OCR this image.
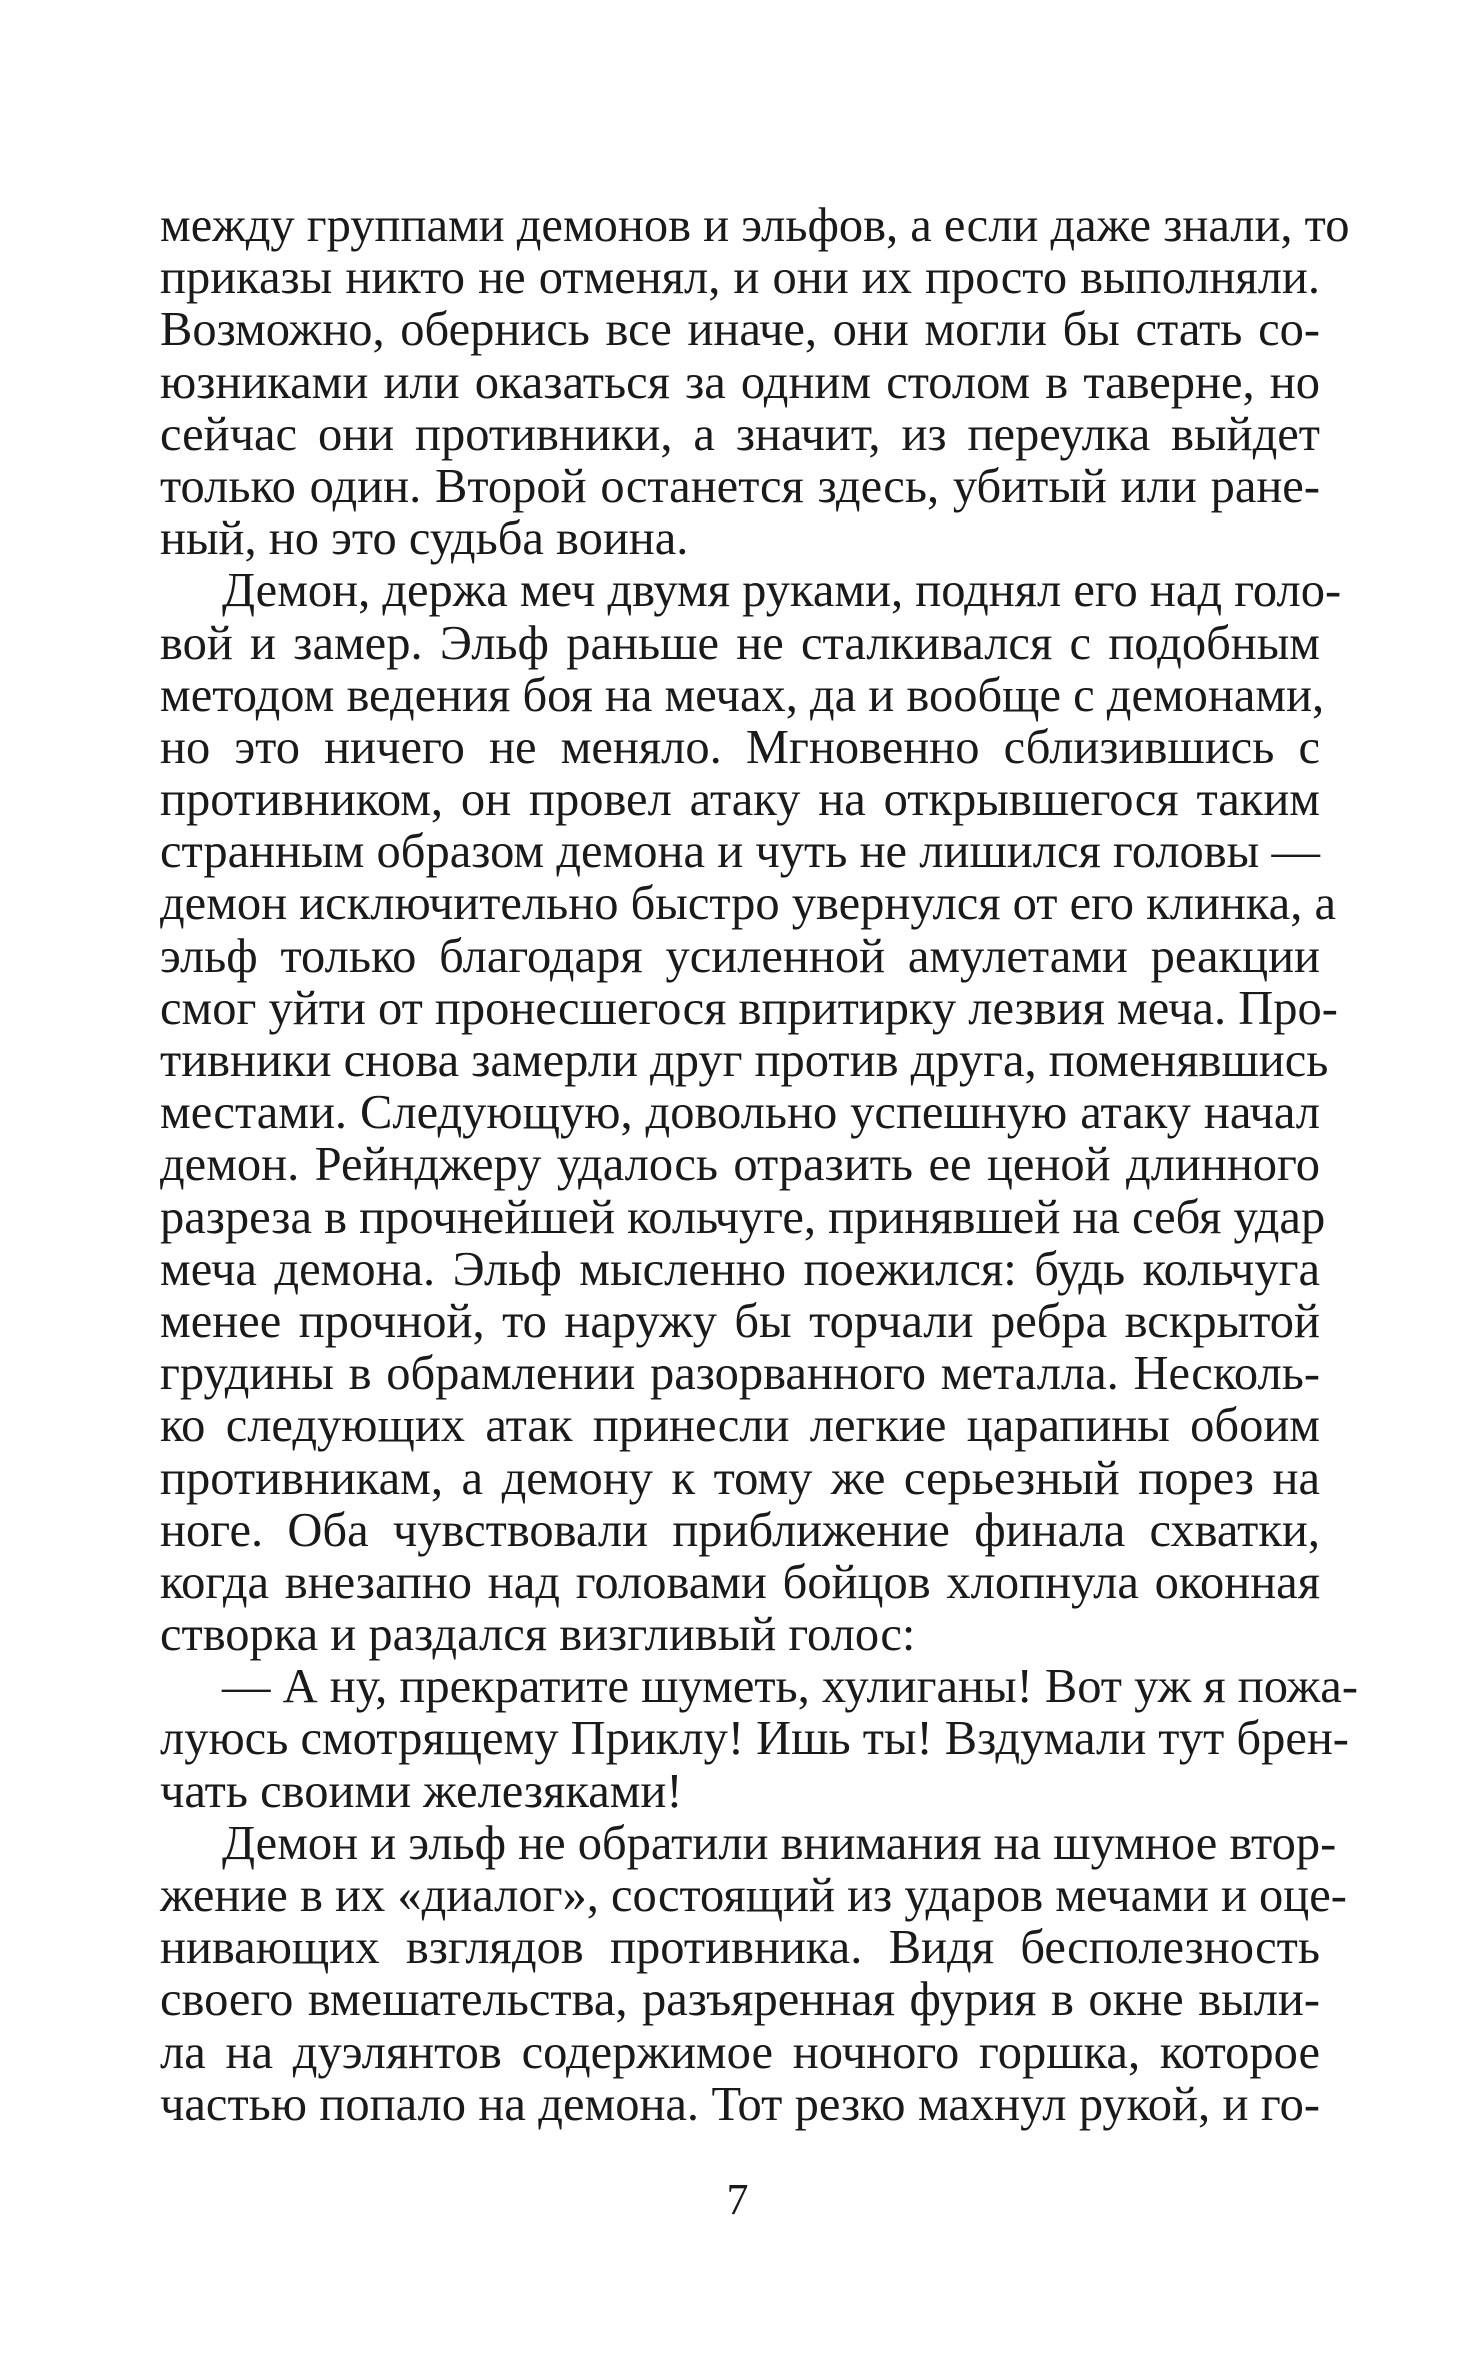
между группами демонов и эльфов, а если даже знали, то
приказы никто не отменял, и они их просто выполняли.
Возможно, обернись все иначе, они могли бы стать со-
юзниками или оказаться за одним столом в таверне, но
сейчас они противники, а значит, из переулка выйдет
только один. Второй останется здесь, убитый или ране-
ный, но это судьба воина.
Демон, держа меч двумя руками, поднял его над голо-
вой и замер. Эльф раньше не сталкивался с подобным
методом ведения боя на мечах, да и вообще с демонами,
но это ничего не меняло. Мгновенно сблизившись с
противником, он провел атаку на открывшегося таким
странным образом демона и чуть не лишился головы —
демон исключительно быстро увернулся от его клинка, а
эльф только благодаря усиленной амулетами реакции
смог уйти от пронесшегося впритирку лезвия меча. Про-
тивники снова замерли друг против друга, поменявшись
местами. Следующую, довольно успешную атаку начал
демон. Рейнджеру удалось отразить ее ценой длинного
разреза в прочнейшей кольчуге, принявшей на себя удар
меча демона. Эльф мысленно поежился: будь кольчуга
менее прочной, то наружу бы торчали ребра вскрытой
грудины в обрамлении разорванного металла. Несколь-
ко следующих атак принесли легкие царапины обоим
противникам, а демону к тому же серьезный порез на
ноге. Оба чувствовали приближение финала схватки,
когда внезапно над головами бойцов хлопнула оконная
створка и раздался визгливый голос:
— А ну, прекратите шуметь, хулиганы! Вот уж я пожа-
луюсь смотрящему Приклу! Ишь ты! Вздумали тут брен-
чать своими железяками!
Демон и эльф не обратили внимания на шумное втор-
жение в их «диалог», состоящий из ударов мечами и оце-
нивающих взглядов противника. Видя бесполезность
своего вмешательства, разъяренная фурия в окне выли-
ла на дуэлянтов содержимое ночного горшка, которое
частью попало на демона. Тот резко махнул рукой, и го-
7
